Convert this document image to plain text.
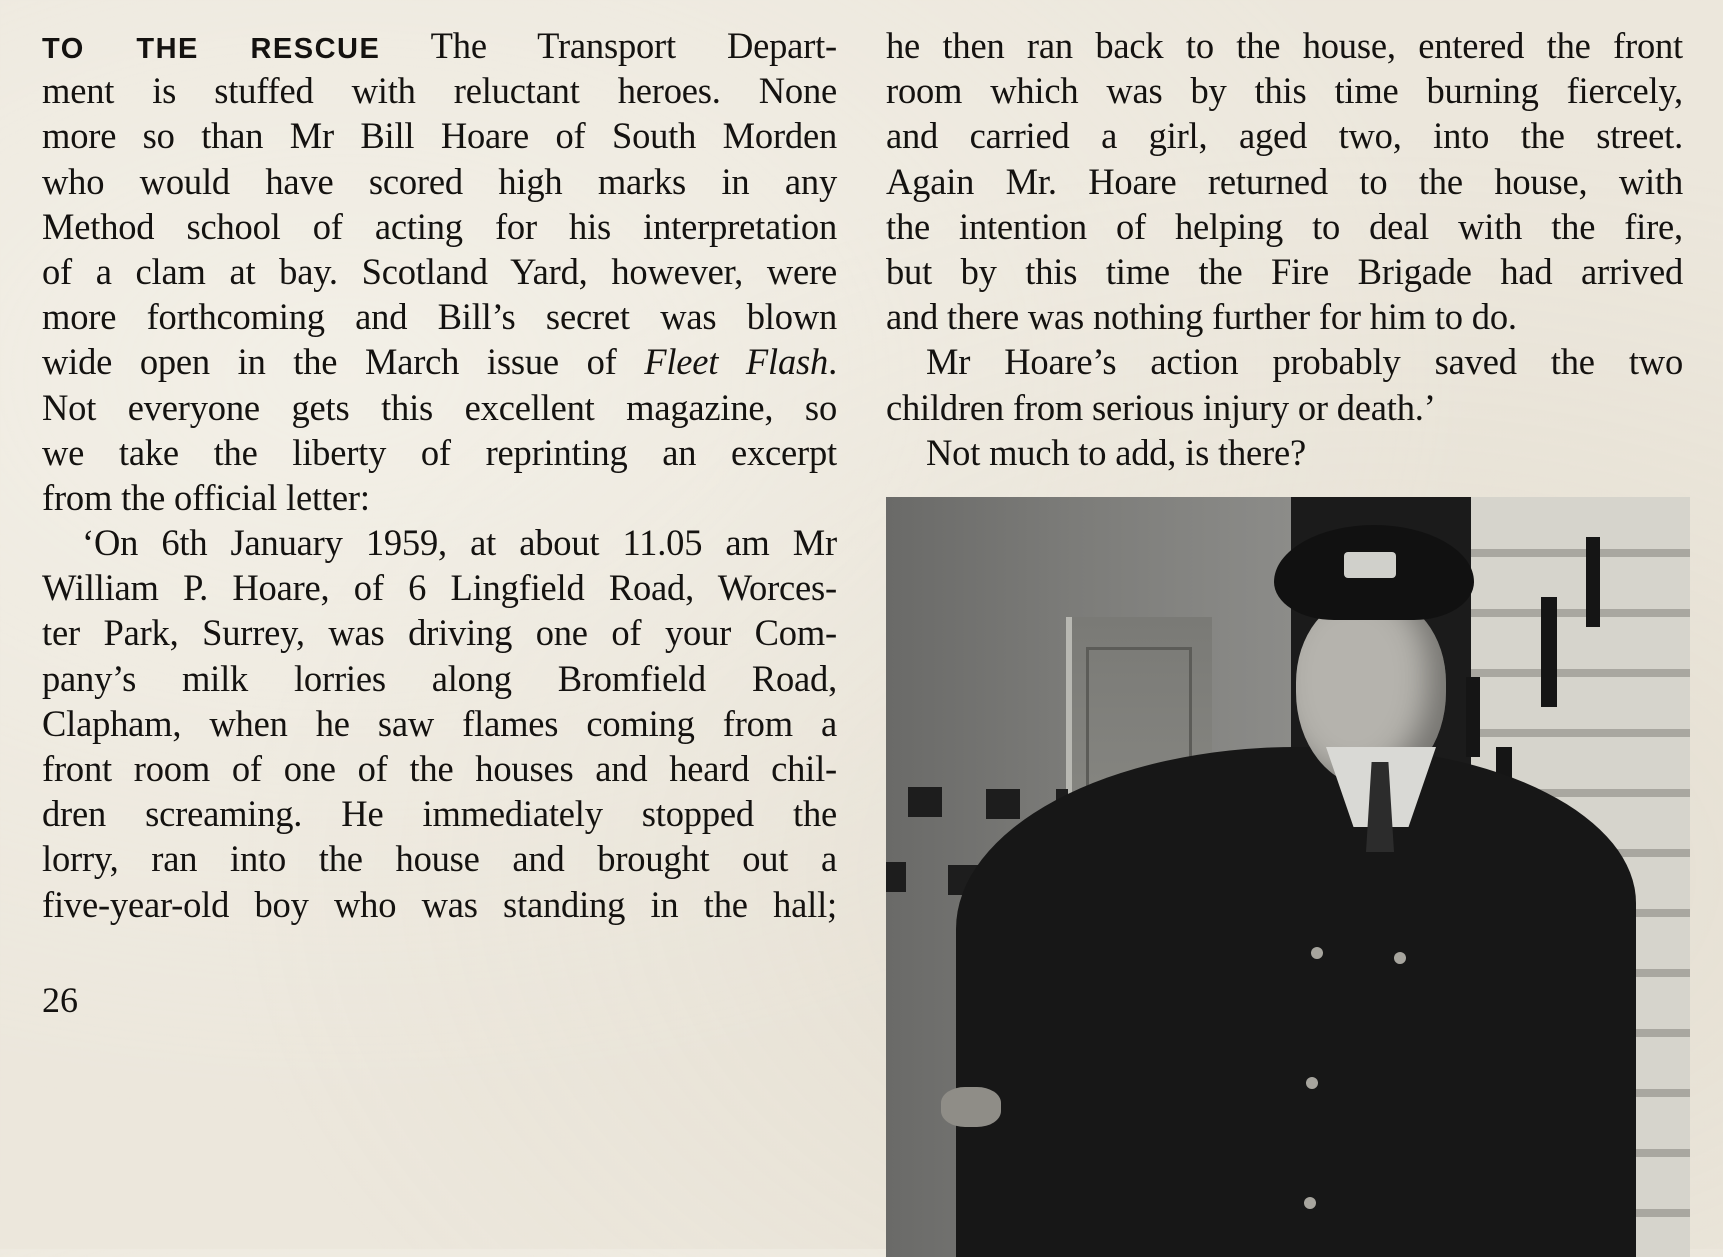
TO THE RESCUE The Transport Depart-
ment is stuffed with reluctant heroes. None
more so than Mr Bill Hoare of South Morden
who would have scored high marks in any
Method school of acting for his interpretation
of a clam at bay. Scotland Yard, however, were
more forthcoming and Bill’s secret was blown
wide open in the March issue of Fleet Flash.
Not everyone gets this excellent magazine, so
we take the liberty of reprinting an excerpt
from the official letter:
‘On 6th January 1959, at about 11.05 am Mr
William P. Hoare, of 6 Lingfield Road, Worces-
ter Park, Surrey, was driving one of your Com-
pany’s milk lorries along Bromfield Road,
Clapham, when he saw flames coming from a
front room of one of the houses and heard chil-
dren screaming. He immediately stopped the
lorry, ran into the house and brought out a
five-year-old boy who was standing in the hall;
he then ran back to the house, entered the front
room which was by this time burning fiercely,
and carried a girl, aged two, into the street.
Again Mr. Hoare returned to the house, with
the intention of helping to deal with the fire,
but by this time the Fire Brigade had arrived
and there was nothing further for him to do.
Mr Hoare’s action probably saved the two
children from serious injury or death.’
Not much to add, is there?
26
